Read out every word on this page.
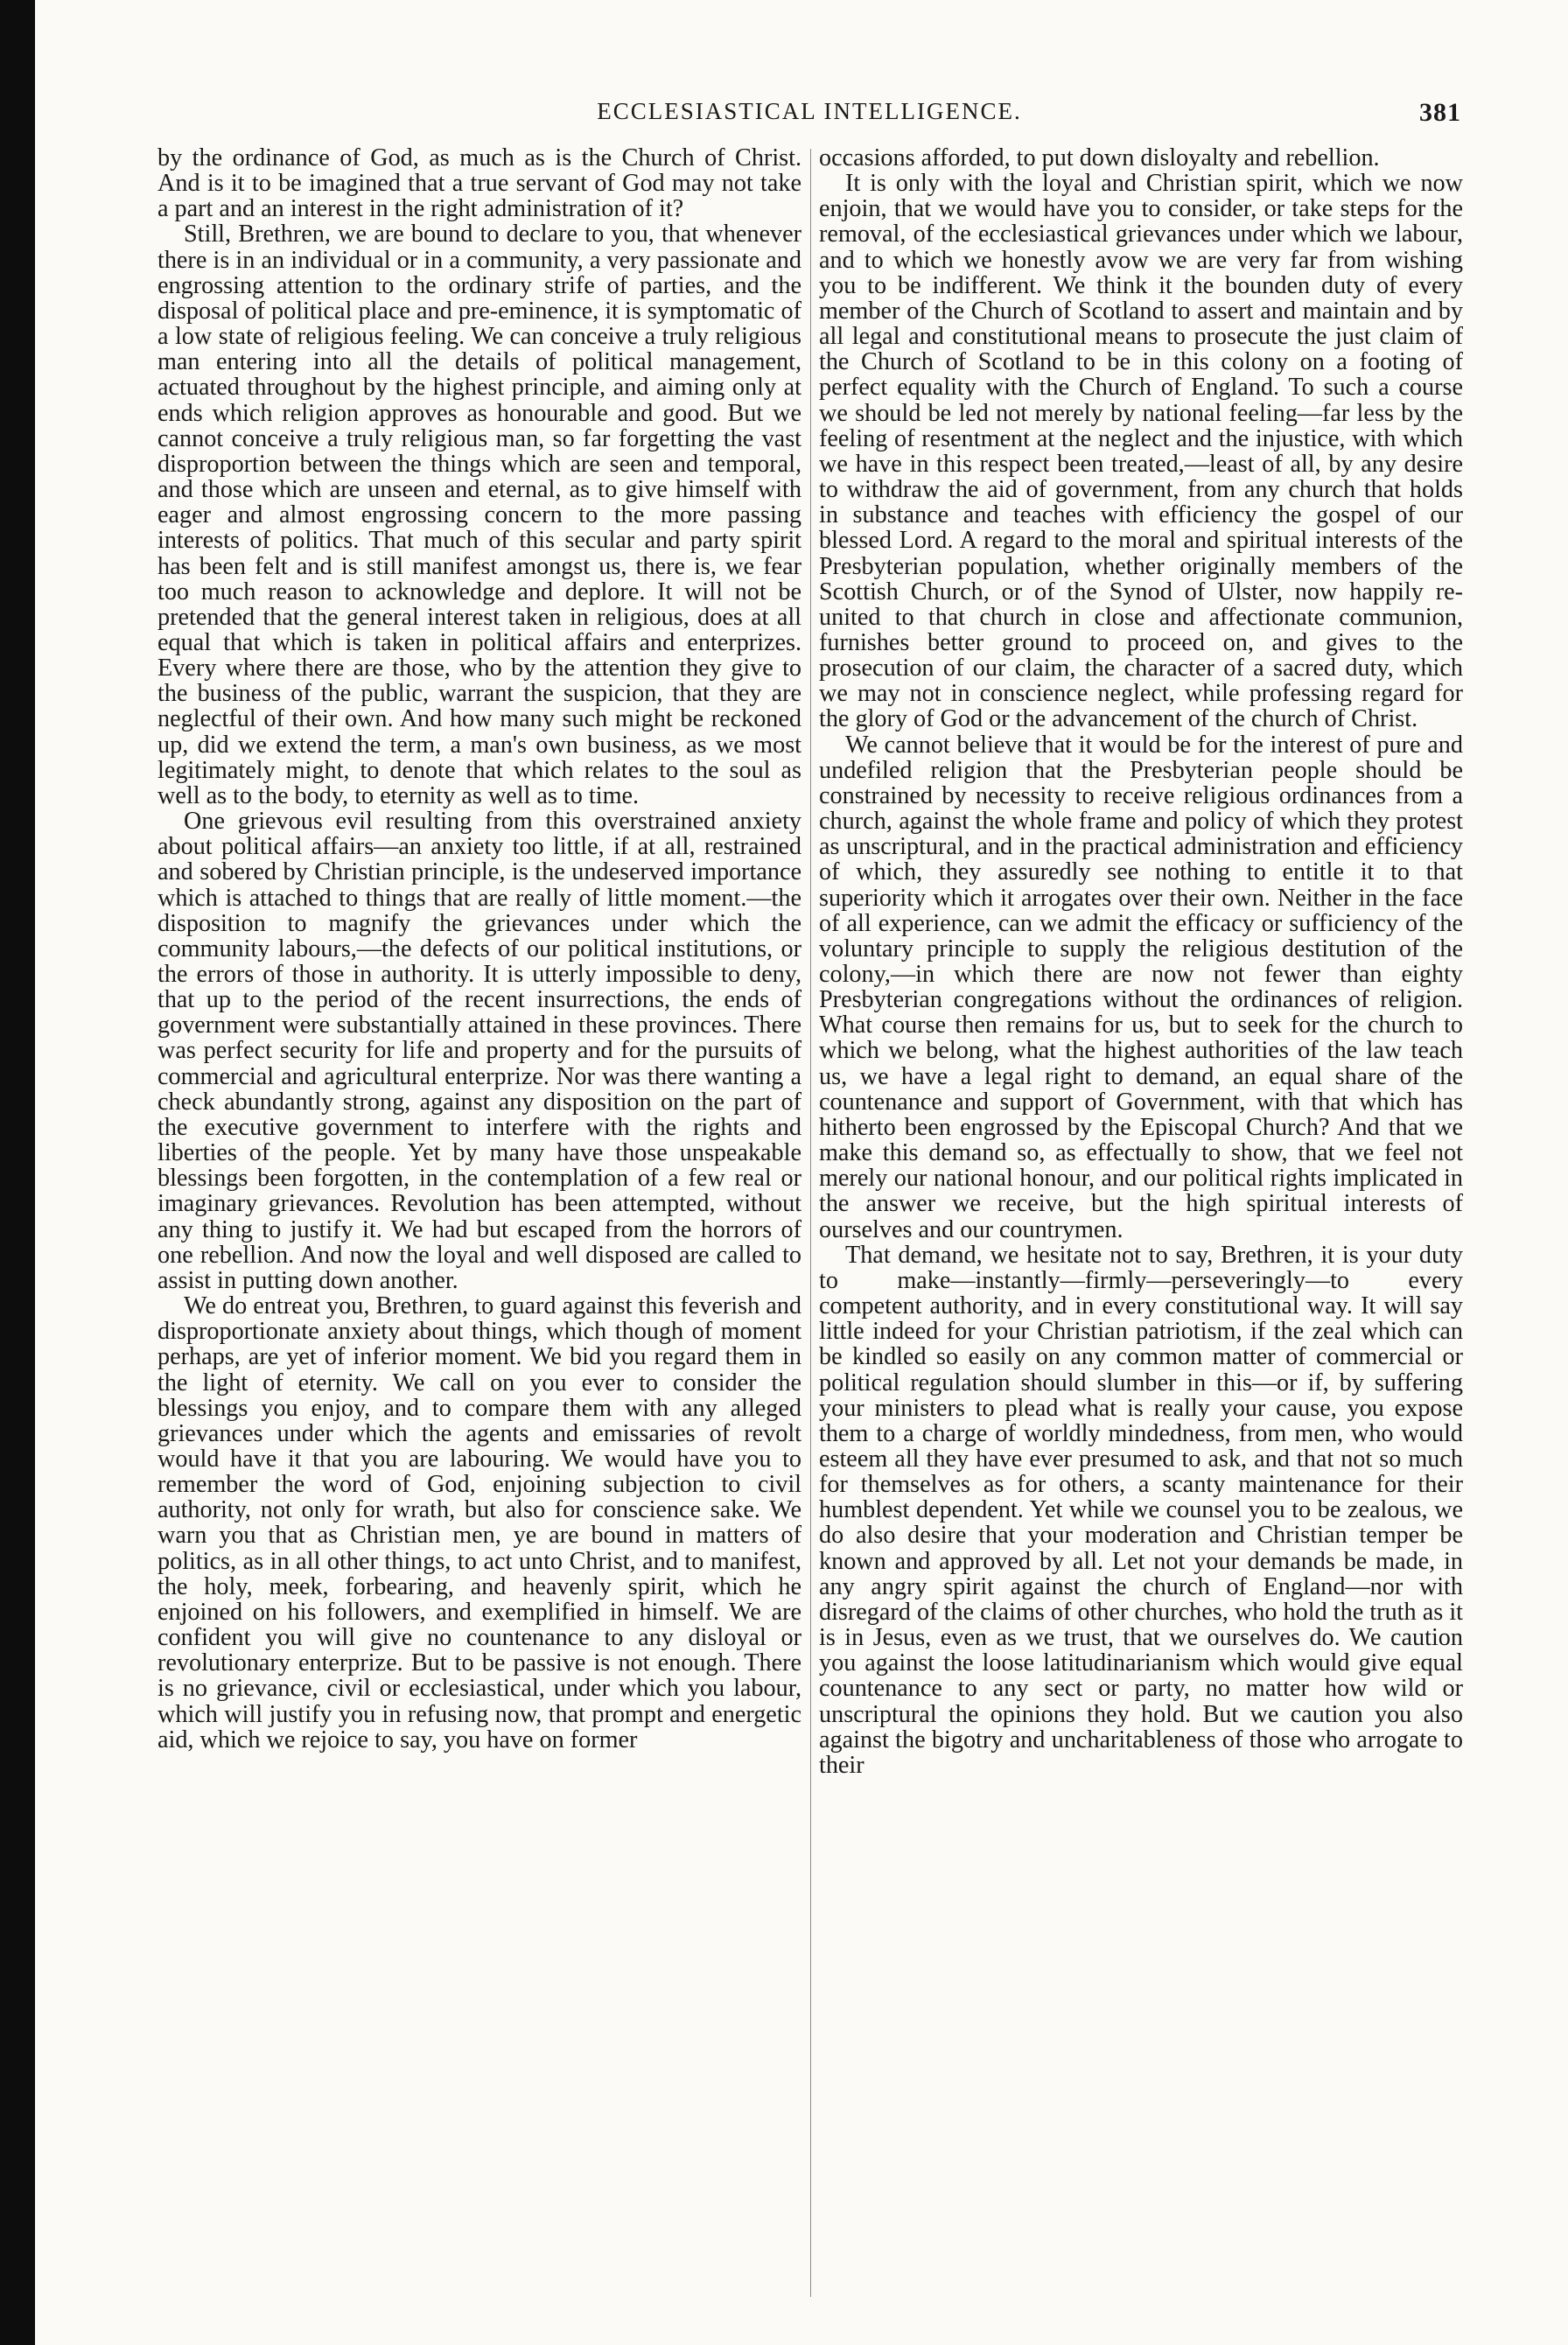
ECCLESIASTICAL INTELLIGENCE.	381

by the ordinance of God, as much as is the Church of Christ. And is it to be imagined that a true servant of God may not take a part and an interest in the right administration of it?

Still, Brethren, we are bound to declare to you, that whenever there is in an individual or in a community, a very passionate and engrossing attention to the ordinary strife of parties, and the disposal of political place and pre-eminence, it is symptomatic of a low state of religious feeling. We can conceive a truly religious man entering into all the details of political management, actuated throughout by the highest principle, and aiming only at ends which religion approves as honourable and good. But we cannot conceive a truly religious man, so far forgetting the vast disproportion between the things which are seen and temporal, and those which are unseen and eternal, as to give himself with eager and almost engrossing concern to the more passing interests of politics. That much of this secular and party spirit has been felt and is still manifest amongst us, there is, we fear too much reason to acknowledge and deplore. It will not be pretended that the general interest taken in religious, does at all equal that which is taken in political affairs and enterprizes. Every where there are those, who by the attention they give to the business of the public, warrant the suspicion, that they are neglectful of their own. And how many such might be reckoned up, did we extend the term, a man's own business, as we most legitimately might, to denote that which relates to the soul as well as to the body, to eternity as well as to time.

One grievous evil resulting from this overstrained anxiety about political affairs—an anxiety too little, if at all, restrained and sobered by Christian principle, is the undeserved importance which is attached to things that are really of little moment.—the disposition to magnify the grievances under which the community labours,—the defects of our political institutions, or the errors of those in authority. It is utterly impossible to deny, that up to the period of the recent insurrections, the ends of government were substantially attained in these provinces. There was perfect security for life and property and for the pursuits of commercial and agricultural enterprize. Nor was there wanting a check abundantly strong, against any disposition on the part of the executive government to interfere with the rights and liberties of the people. Yet by many have those unspeakable blessings been forgotten, in the contemplation of a few real or imaginary grievances. Revolution has been attempted, without any thing to justify it. We had but escaped from the horrors of one rebellion. And now the loyal and well disposed are called to assist in putting down another.

We do entreat you, Brethren, to guard against this feverish and disproportionate anxiety about things, which though of moment perhaps, are yet of inferior moment. We bid you regard them in the light of eternity. We call on you ever to consider the blessings you enjoy, and to compare them with any alleged grievances under which the agents and emissaries of revolt would have it that you are labouring. We would have you to remember the word of God, enjoining subjection to civil authority, not only for wrath, but also for conscience sake. We warn you that as Christian men, ye are bound in matters of politics, as in all other things, to act unto Christ, and to manifest, the holy, meek, forbearing, and heavenly spirit, which he enjoined on his followers, and exemplified in himself. We are confident you will give no countenance to any disloyal or revolutionary enterprize. But to be passive is not enough. There is no grievance, civil or ecclesiastical, under which you labour, which will justify you in refusing now, that prompt and energetic aid, which we rejoice to say, you have on former

occasions afforded, to put down disloyalty and rebellion.

It is only with the loyal and Christian spirit, which we now enjoin, that we would have you to consider, or take steps for the removal, of the ecclesiastical grievances under which we labour, and to which we honestly avow we are very far from wishing you to be indifferent. We think it the bounden duty of every member of the Church of Scotland to assert and maintain and by all legal and constitutional means to prosecute the just claim of the Church of Scotland to be in this colony on a footing of perfect equality with the Church of England. To such a course we should be led not merely by national feeling—far less by the feeling of resentment at the neglect and the injustice, with which we have in this respect been treated,—least of all, by any desire to withdraw the aid of government, from any church that holds in substance and teaches with efficiency the gospel of our blessed Lord. A regard to the moral and spiritual interests of the Presbyterian population, whether originally members of the Scottish Church, or of the Synod of Ulster, now happily re-united to that church in close and affectionate communion, furnishes better ground to proceed on, and gives to the prosecution of our claim, the character of a sacred duty, which we may not in conscience neglect, while professing regard for the glory of God or the advancement of the church of Christ.

We cannot believe that it would be for the interest of pure and undefiled religion that the Presbyterian people should be constrained by necessity to receive religious ordinances from a church, against the whole frame and policy of which they protest as unscriptural, and in the practical administration and efficiency of which, they assuredly see nothing to entitle it to that superiority which it arrogates over their own. Neither in the face of all experience, can we admit the efficacy or sufficiency of the voluntary principle to supply the religious destitution of the colony,—in which there are now not fewer than eighty Presbyterian congregations without the ordinances of religion. What course then remains for us, but to seek for the church to which we belong, what the highest authorities of the law teach us, we have a legal right to demand, an equal share of the countenance and support of Government, with that which has hitherto been engrossed by the Episcopal Church? And that we make this demand so, as effectually to show, that we feel not merely our national honour, and our political rights implicated in the answer we receive, but the high spiritual interests of ourselves and our countrymen.

That demand, we hesitate not to say, Brethren, it is your duty to make—instantly—firmly—perseveringly—to every competent authority, and in every constitutional way. It will say little indeed for your Christian patriotism, if the zeal which can be kindled so easily on any common matter of commercial or political regulation should slumber in this—or if, by suffering your ministers to plead what is really your cause, you expose them to a charge of worldly mindedness, from men, who would esteem all they have ever presumed to ask, and that not so much for themselves as for others, a scanty maintenance for their humblest dependent. Yet while we counsel you to be zealous, we do also desire that your moderation and Christian temper be known and approved by all. Let not your demands be made, in any angry spirit against the church of England—nor with disregard of the claims of other churches, who hold the truth as it is in Jesus, even as we trust, that we ourselves do. We caution you against the loose latitudinarianism which would give equal countenance to any sect or party, no matter how wild or unscriptural the opinions they hold. But we caution you also against the bigotry and uncharitableness of those who arrogate to their
